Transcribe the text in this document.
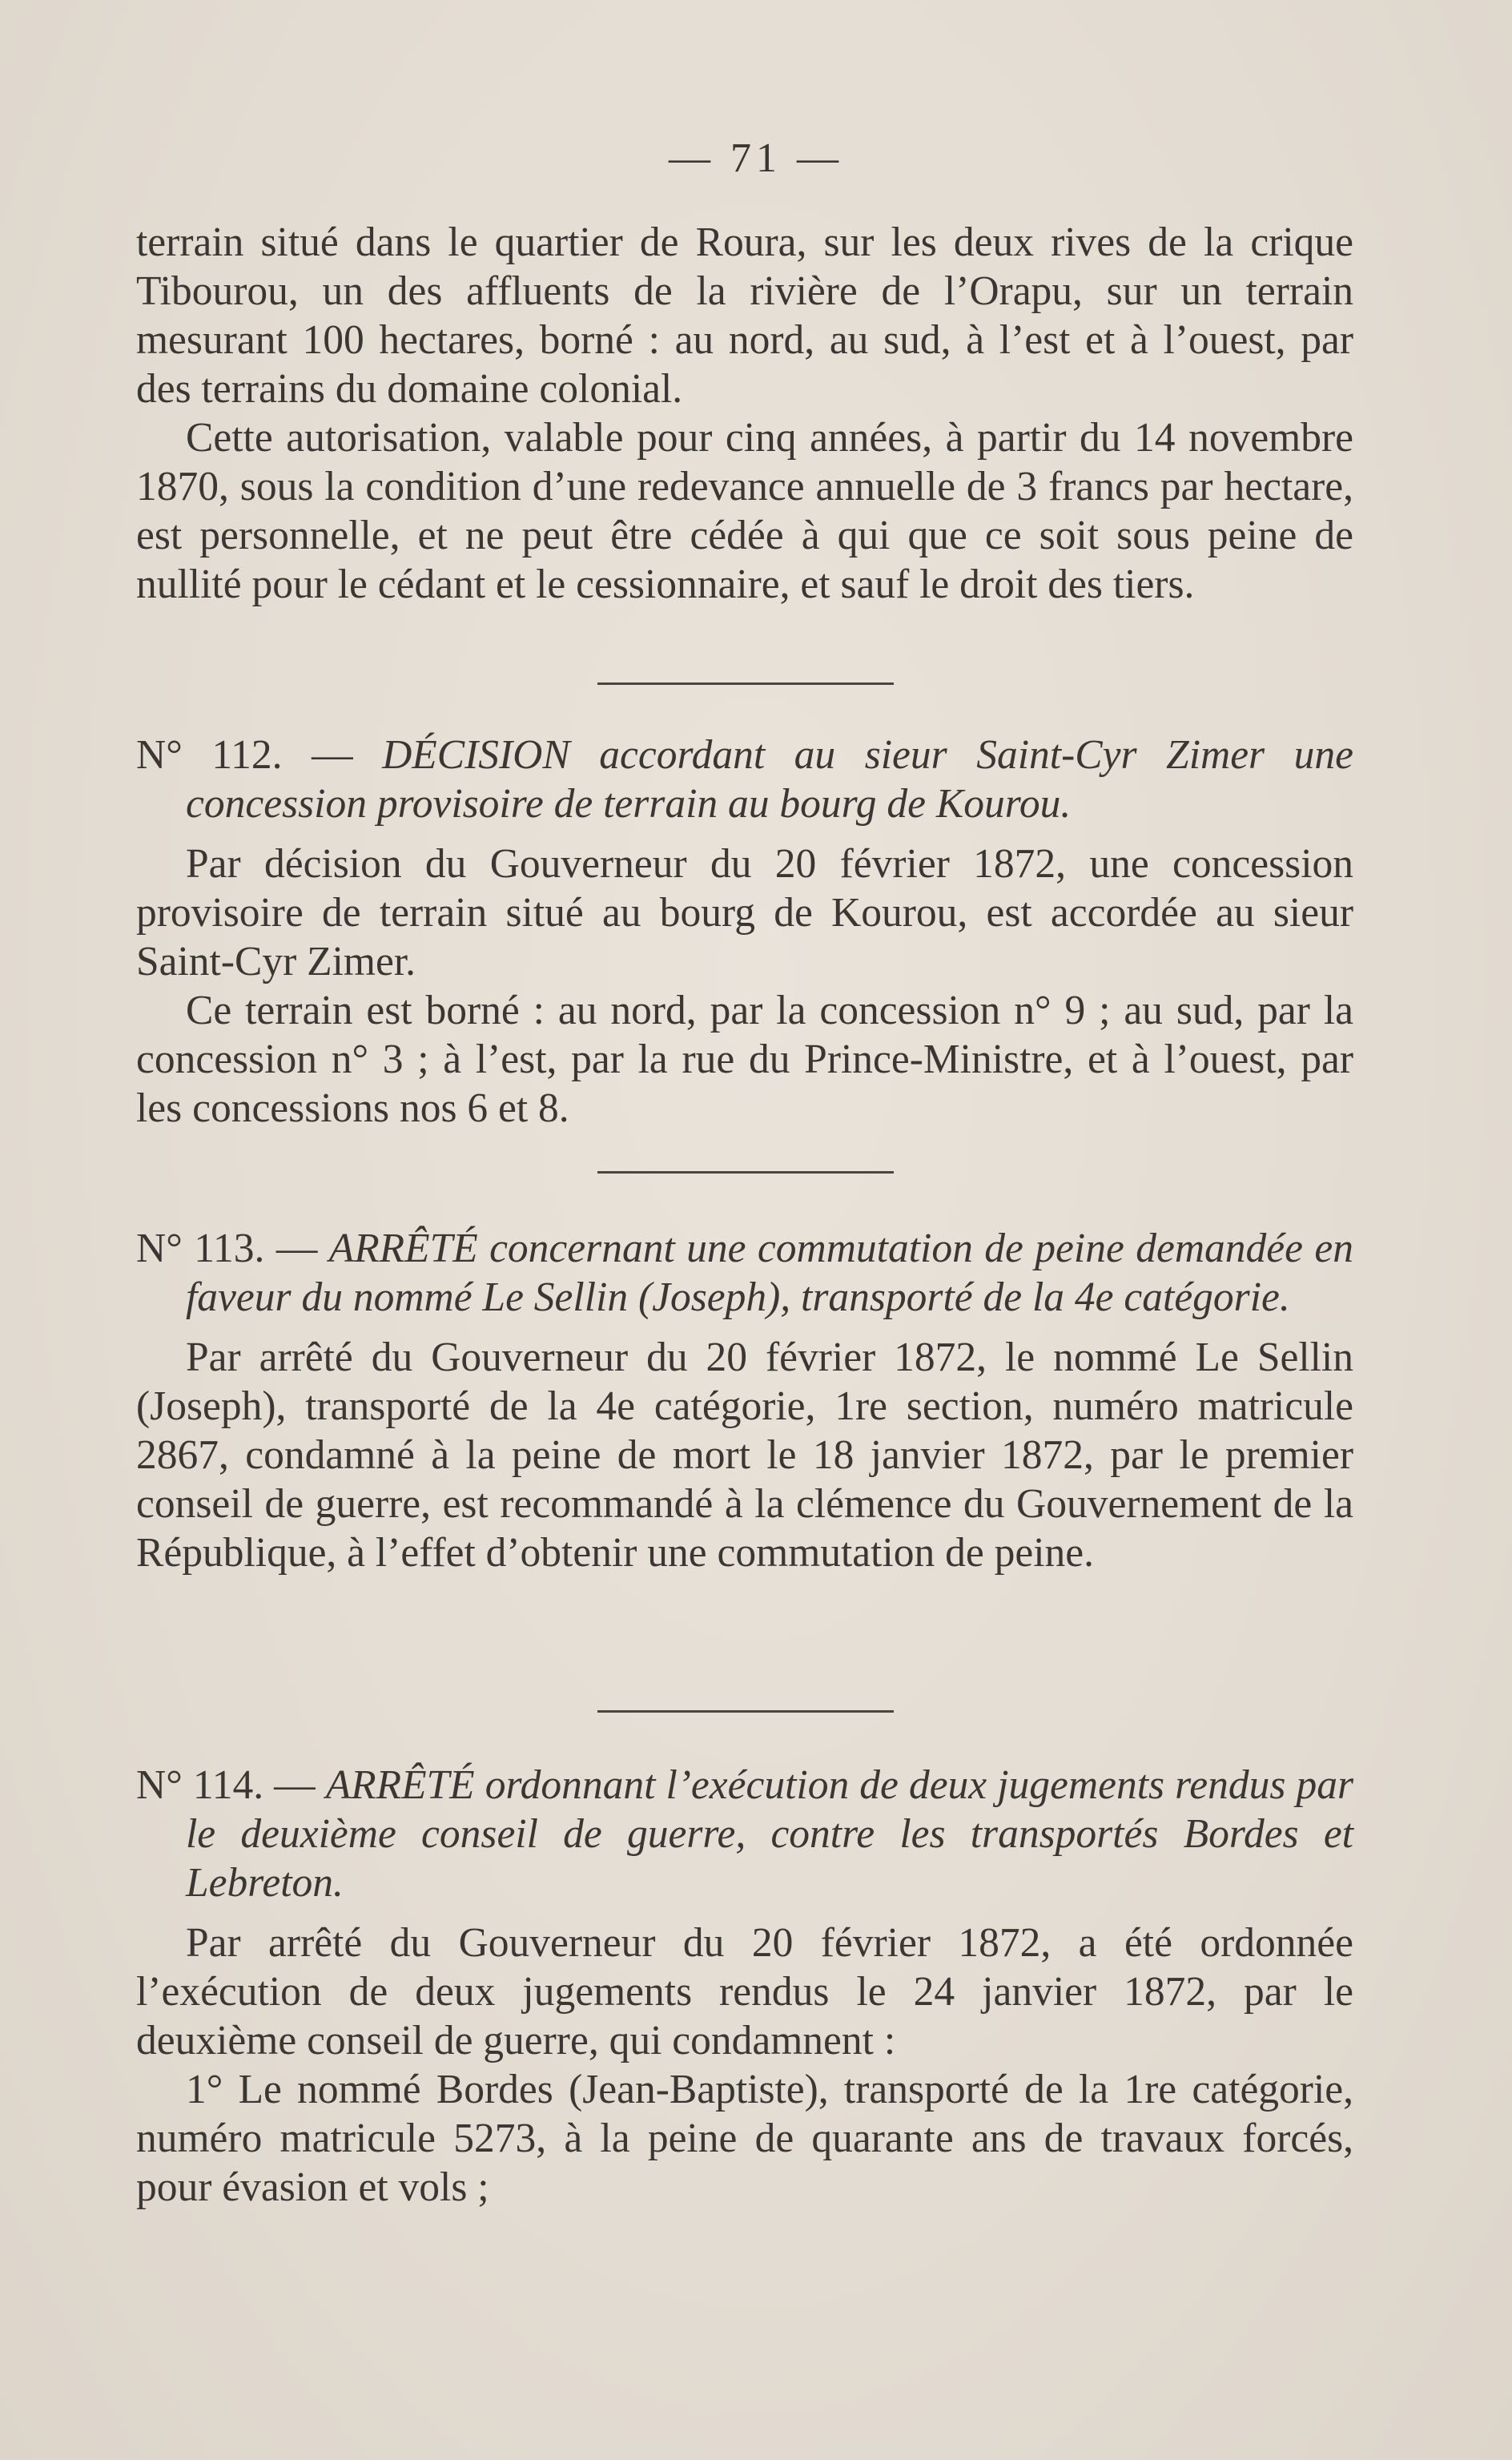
— 71 —

terrain situé dans le quartier de Roura, sur les deux rives de la crique Tibourou, un des affluents de la rivière de l’Orapu, sur un terrain mesurant 100 hectares, borné : au nord, au sud, à l’est et à l’ouest, par des terrains du domaine colonial.

Cette autorisation, valable pour cinq années, à partir du 14 novembre 1870, sous la condition d’une redevance annuelle de 3 francs par hectare, est personnelle, et ne peut être cédée à qui que ce soit sous peine de nullité pour le cédant et le cessionnaire, et sauf le droit des tiers.

N° 112. — DÉCISION accordant au sieur Saint-Cyr Zimer une concession provisoire de terrain au bourg de Kourou.

Par décision du Gouverneur du 20 février 1872, une concession provisoire de terrain situé au bourg de Kourou, est accordée au sieur Saint-Cyr Zimer.

Ce terrain est borné : au nord, par la concession n° 9 ; au sud, par la concession n° 3 ; à l’est, par la rue du Prince-Ministre, et à l’ouest, par les concessions nos 6 et 8.

N° 113. — ARRÊTÉ concernant une commutation de peine demandée en faveur du nommé Le Sellin (Joseph), transporté de la 4e catégorie.

Par arrêté du Gouverneur du 20 février 1872, le nommé Le Sellin (Joseph), transporté de la 4e catégorie, 1re section, numéro matricule 2867, condamné à la peine de mort le 18 janvier 1872, par le premier conseil de guerre, est recommandé à la clémence du Gouvernement de la République, à l’effet d’obtenir une commutation de peine.

N° 114. — ARRÊTÉ ordonnant l’exécution de deux jugements rendus par le deuxième conseil de guerre, contre les transportés Bordes et Lebreton.

Par arrêté du Gouverneur du 20 février 1872, a été ordonnée l’exécution de deux jugements rendus le 24 janvier 1872, par le deuxième conseil de guerre, qui condamnent :

1° Le nommé Bordes (Jean-Baptiste), transporté de la 1re catégorie, numéro matricule 5273, à la peine de quarante ans de travaux forcés, pour évasion et vols ;
